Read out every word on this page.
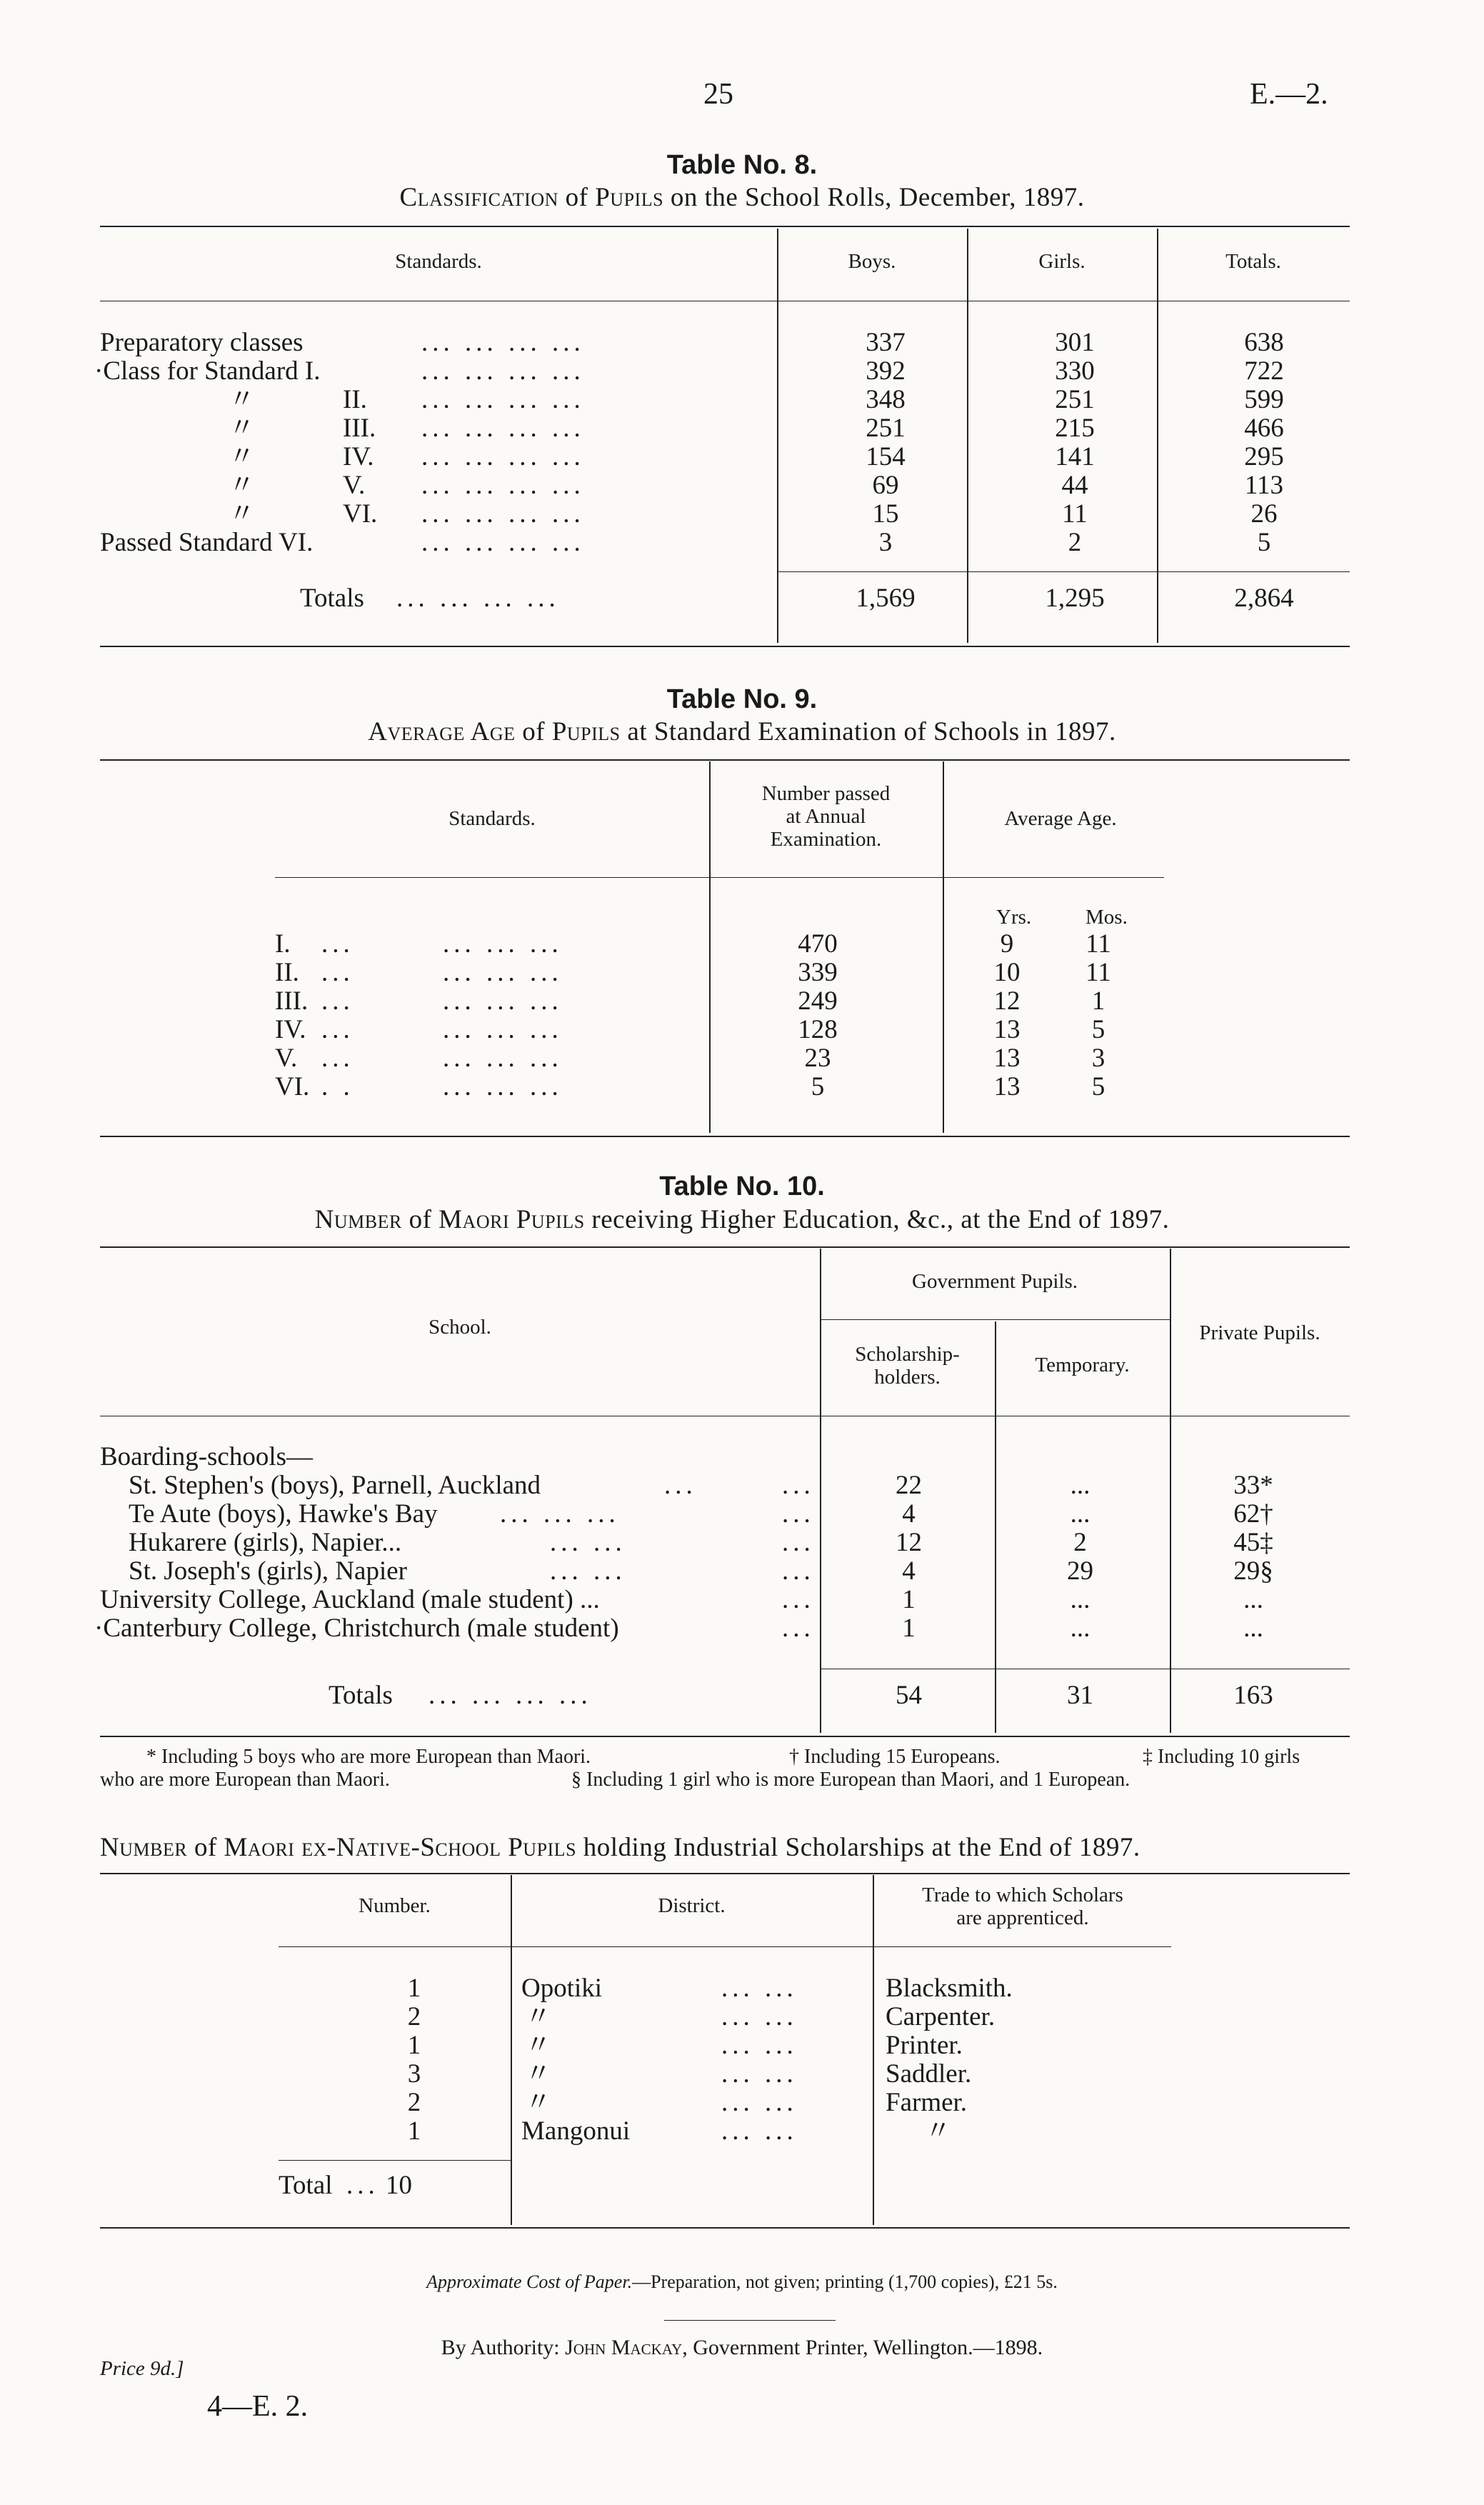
25	E.—2.
Table No. 8.
Classification of Pupils on the School Rolls, December, 1897.
Standards.	Boys.	Girls.	Totals.
Preparatory classes	... ... ... ...	337	301	638
·Class for Standard I.	... ... ... ...	392	330	722
〃	II. ... ... ... ...	348	251	599
〃	III. ... ... ... ...	251	215	466
〃	IV. ... ... ... ...	154	141	295
〃	V. ... ... ... ...	69	44	113
〃	VI. ... ... ... ...	15	11	26
Passed Standard VI.	... ... ... ...	3	2	5
Totals ... ... ... ...	1,569	1,295	2,864
Table No. 9.
Average Age of Pupils at Standard Examination of Schools in 1897.
Standards.
Number passed
at Annual
Examination.
Average Age.
Yrs.	Mos.
I. ...	... ... ...	470	9	11
II. ...	... ... ...	339	10	11
III. ...	... ... ...	249	12	1
IV. ...	... ... ...	128	13	5
V. ...	... ... ...	23	13	3
VI. . .	... ... ...	5	13	5
Table No. 10.
Number of Maori Pupils receiving Higher Education, &c., at the End of 1897.
School.
Government Pupils.
Scholarship-
holders.
Temporary.
Private Pupils.
Boarding-schools—
St. Stephen's (boys), Parnell, Auckland	...	...	22	...	33*
Te Aute (boys), Hawke's Bay ... ... ...	...	4	...	62†
Hukarere (girls), Napier...	... ...	...	12	2	45‡
St. Joseph's (girls), Napier	... ...	...	4	29	29§
University College, Auckland (male student) ...	...	1	...	...
·Canterbury College, Christchurch (male student)	...	1	...	...
Totals ... ... ... ...	54	31	163
* Including 5 boys who are more European than Maori.	† Including 15 Europeans.	‡ Including 10 girls
who are more European than Maori.	§ Including 1 girl who is more European than Maori, and 1 European.
Number of Maori ex-Native-School Pupils holding Industrial Scholarships at the End of 1897.
Number.	District.	Trade to which Scholars
are apprenticed.
1	Opotiki	... ...	Blacksmith.
2	〃	... ...	Carpenter.
1	〃	... ...	Printer.
3	〃	... ...	Saddler.
2	〃	... ...	Farmer.
1	Mangonui	... ...	〃
Total ... 10
Approximate Cost of Paper.—Preparation, not given; printing (1,700 copies), £21 5s.
By Authority: John Mackay, Government Printer, Wellington.—1898.
Price 9d.]
4—E. 2.
